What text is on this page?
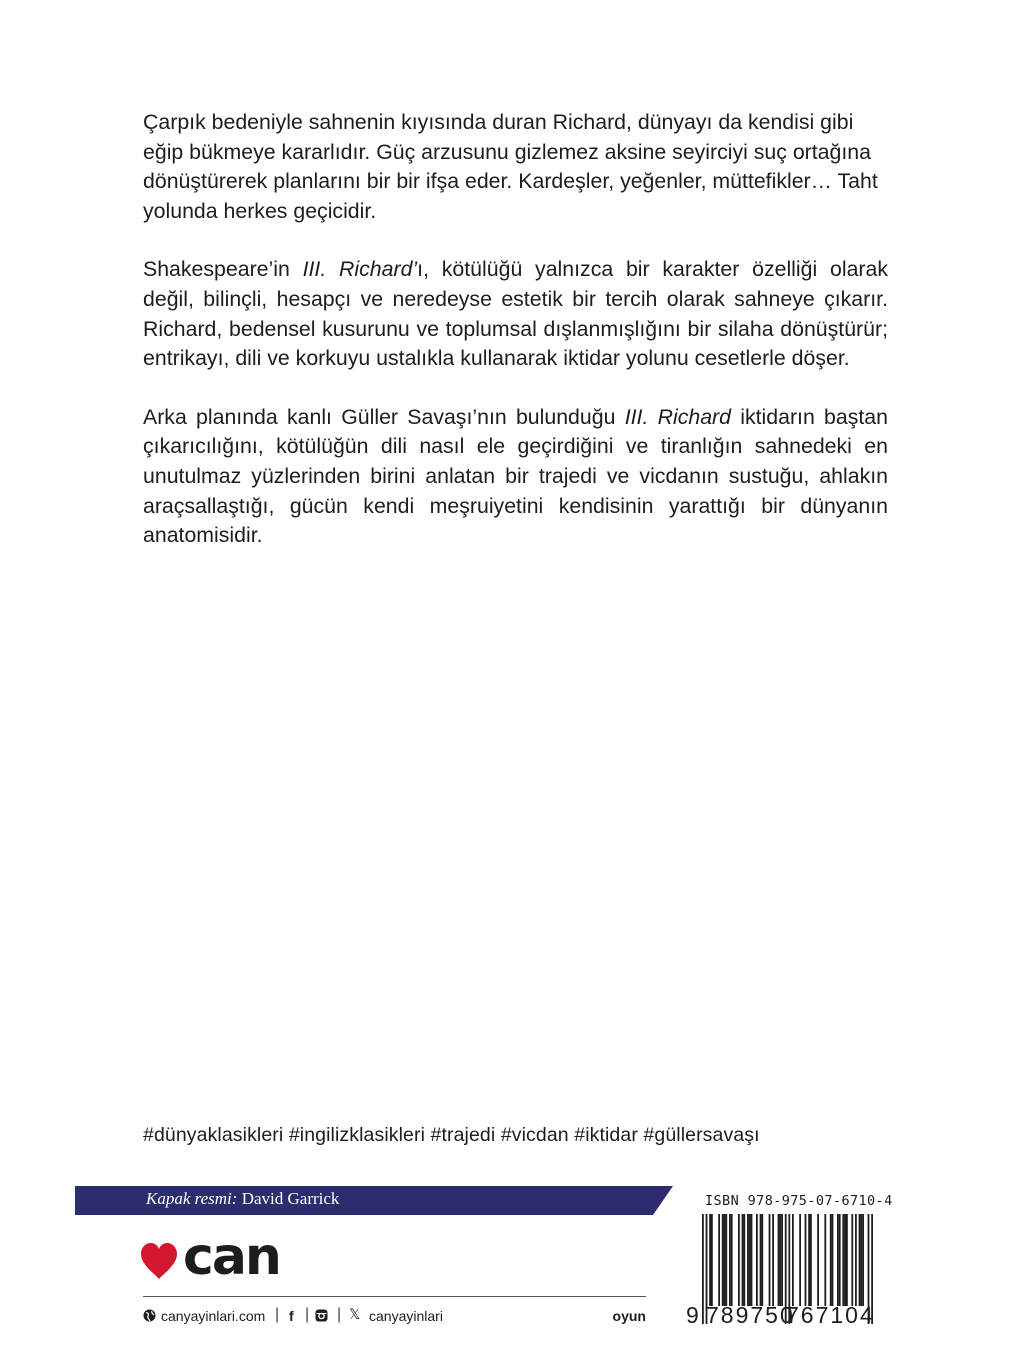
Çarpık bedeniyle sahnenin kıyısında duran Richard, dünyayı da kendisi gibi eğip bükmeye kararlıdır. Güç arzusunu gizlemez aksine seyirciyi suç ortağına dönüştürerek planlarını bir bir ifşa eder. Kardeşler, yeğenler, müttefikler… Taht yolunda herkes geçicidir.

Shakespeare’in III. Richard’ı, kötülüğü yalnızca bir karakter özelliği olarak değil, bilinçli, hesapçı ve neredeyse estetik bir tercih olarak sahneye çıkarır. Richard, bedensel kusurunu ve toplumsal dışlanmışlığını bir silaha dönüştürür; entrikayı, dili ve korkuyu ustalıkla kullanarak iktidar yolunu cesetlerle döşer.

Arka planında kanlı Güller Savaşı’nın bulunduğu III. Richard iktidarın baştan çıkarıcılığını, kötülüğün dili nasıl ele geçirdiğini ve tiranlığın sahnedeki en unutulmaz yüzlerinden birini anlatan bir trajedi ve vicdanın sustuğu, ahlakın araçsallaştığı, gücün kendi meşruiyetini kendisinin yarattığı bir dünyanın anatomisidir.

#dünyaklasikleri #ingilizklasikleri #trajedi #vicdan #iktidar #güllersavaşı
Kapak resmi: David Garrick
can
canyayinlari.com | f | | 𝕏 canyayinlari	oyun
ISBN 978-975-07-6710-4
9 789750
767104
